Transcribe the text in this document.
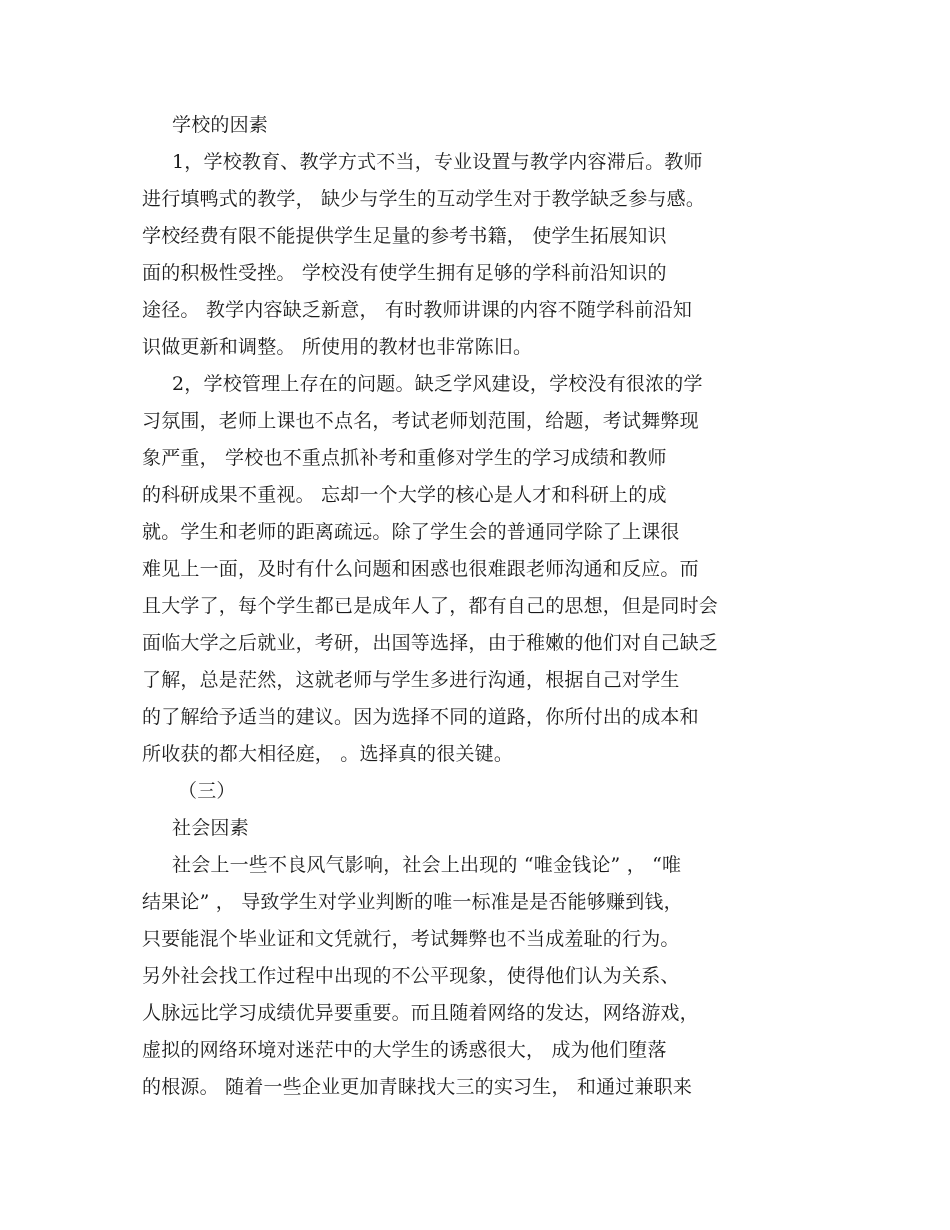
学校的因素
1，学校教育、教学方式不当，专业设置与教学内容滞后。教师
进行填鸭式的教学， 缺少与学生的互动学生对于教学缺乏参与感。
学校经费有限不能提供学生足量的参考书籍， 使学生拓展知识
面的积极性受挫。 学校没有使学生拥有足够的学科前沿知识的
途径。 教学内容缺乏新意， 有时教师讲课的内容不随学科前沿知
识做更新和调整。 所使用的教材也非常陈旧。
2，学校管理上存在的问题。缺乏学风建设，学校没有很浓的学
习氛围，老师上课也不点名，考试老师划范围，给题，考试舞弊现
象严重， 学校也不重点抓补考和重修对学生的学习成绩和教师
的科研成果不重视。 忘却一个大学的核心是人才和科研上的成
就。学生和老师的距离疏远。除了学生会的普通同学除了上课很
难见上一面，及时有什么问题和困惑也很难跟老师沟通和反应。而
且大学了，每个学生都已是成年人了，都有自己的思想，但是同时会
面临大学之后就业，考研，出国等选择，由于稚嫩的他们对自己缺乏
了解，总是茫然，这就老师与学生多进行沟通，根据自己对学生
的了解给予适当的建议。因为选择不同的道路，你所付出的成本和
所收获的都大相径庭， 。选择真的很关键。
（三）
社会因素
社会上一些不良风气影响，社会上出现的 “唯金钱论” ， “唯
结果论” ， 导致学生对学业判断的唯一标准是是否能够赚到钱，
只要能混个毕业证和文凭就行，考试舞弊也不当成羞耻的行为。
另外社会找工作过程中出现的不公平现象，使得他们认为关系、
人脉远比学习成绩优异要重要。而且随着网络的发达，网络游戏，
虚拟的网络环境对迷茫中的大学生的诱惑很大， 成为他们堕落
的根源。 随着一些企业更加青睐找大三的实习生， 和通过兼职来
